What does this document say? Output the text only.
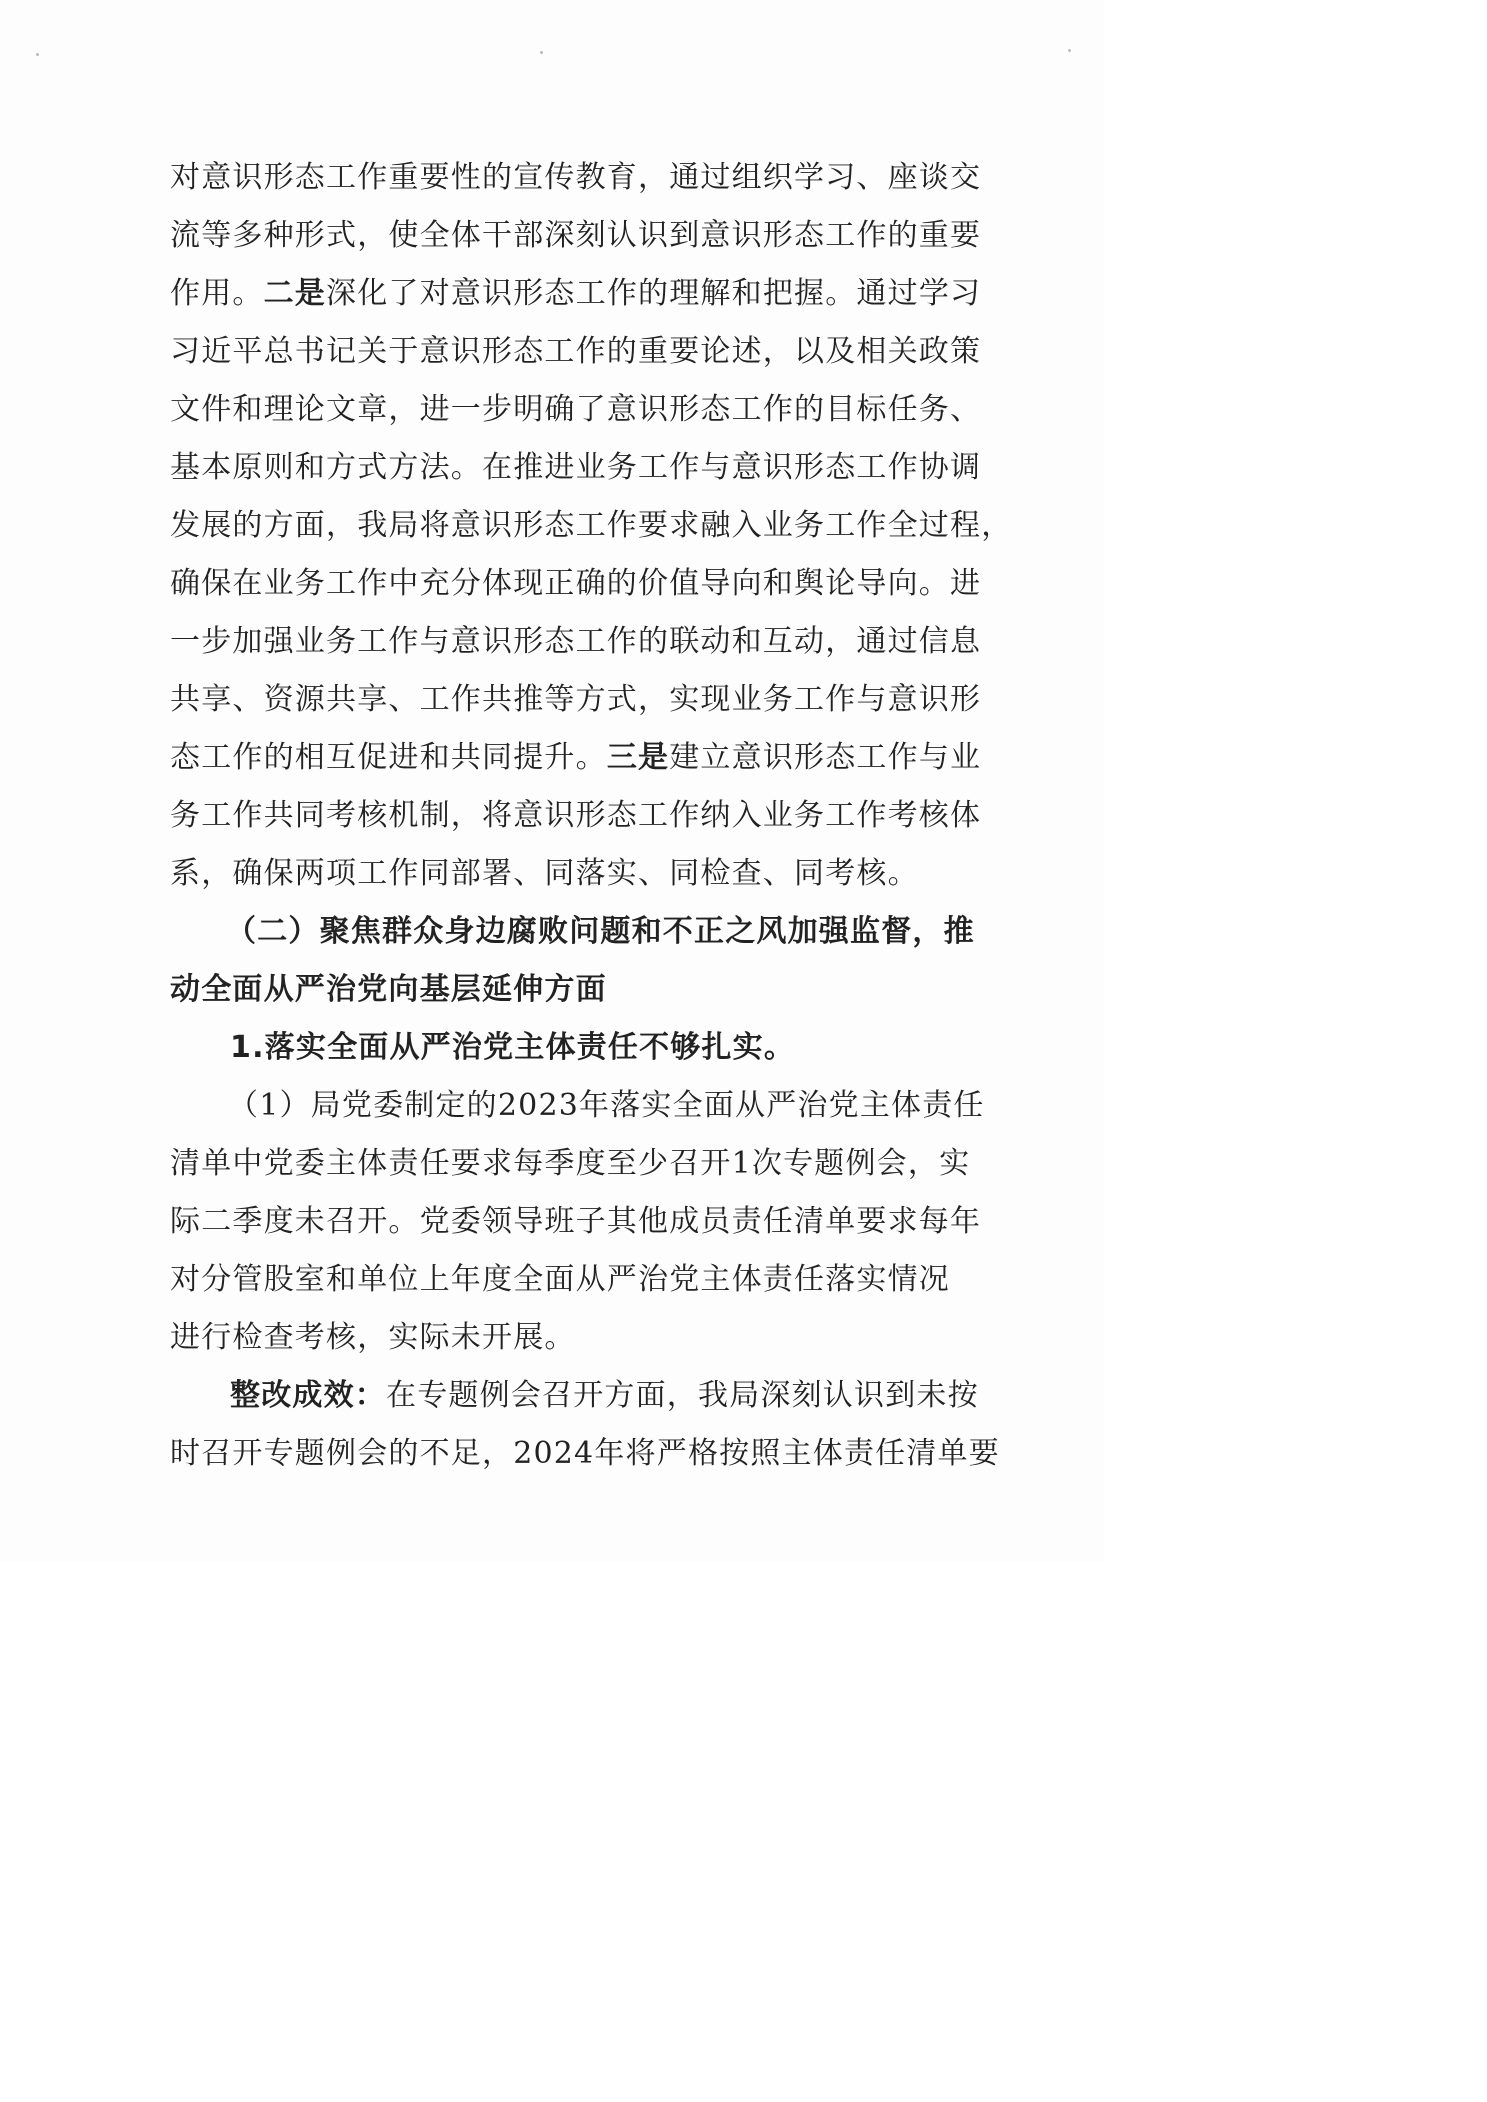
对意识形态工作重要性的宣传教育，通过组织学习、座谈交
流等多种形式，使全体干部深刻认识到意识形态工作的重要
作用。二是深化了对意识形态工作的理解和把握。通过学习
习近平总书记关于意识形态工作的重要论述，以及相关政策
文件和理论文章，进一步明确了意识形态工作的目标任务、
基本原则和方式方法。在推进业务工作与意识形态工作协调
发展的方面，我局将意识形态工作要求融入业务工作全过程，
确保在业务工作中充分体现正确的价值导向和舆论导向。进
一步加强业务工作与意识形态工作的联动和互动，通过信息
共享、资源共享、工作共推等方式，实现业务工作与意识形
态工作的相互促进和共同提升。三是建立意识形态工作与业
务工作共同考核机制，将意识形态工作纳入业务工作考核体
系，确保两项工作同部署、同落实、同检查、同考核。
（二）聚焦群众身边腐败问题和不正之风加强监督，推
动全面从严治党向基层延伸方面
1.落实全面从严治党主体责任不够扎实。
（1）局党委制定的2023年落实全面从严治党主体责任
清单中党委主体责任要求每季度至少召开1次专题例会，实
际二季度未召开。党委领导班子其他成员责任清单要求每年
对分管股室和单位上年度全面从严治党主体责任落实情况
进行检查考核，实际未开展。
整改成效：在专题例会召开方面，我局深刻认识到未按
时召开专题例会的不足，2024年将严格按照主体责任清单要
